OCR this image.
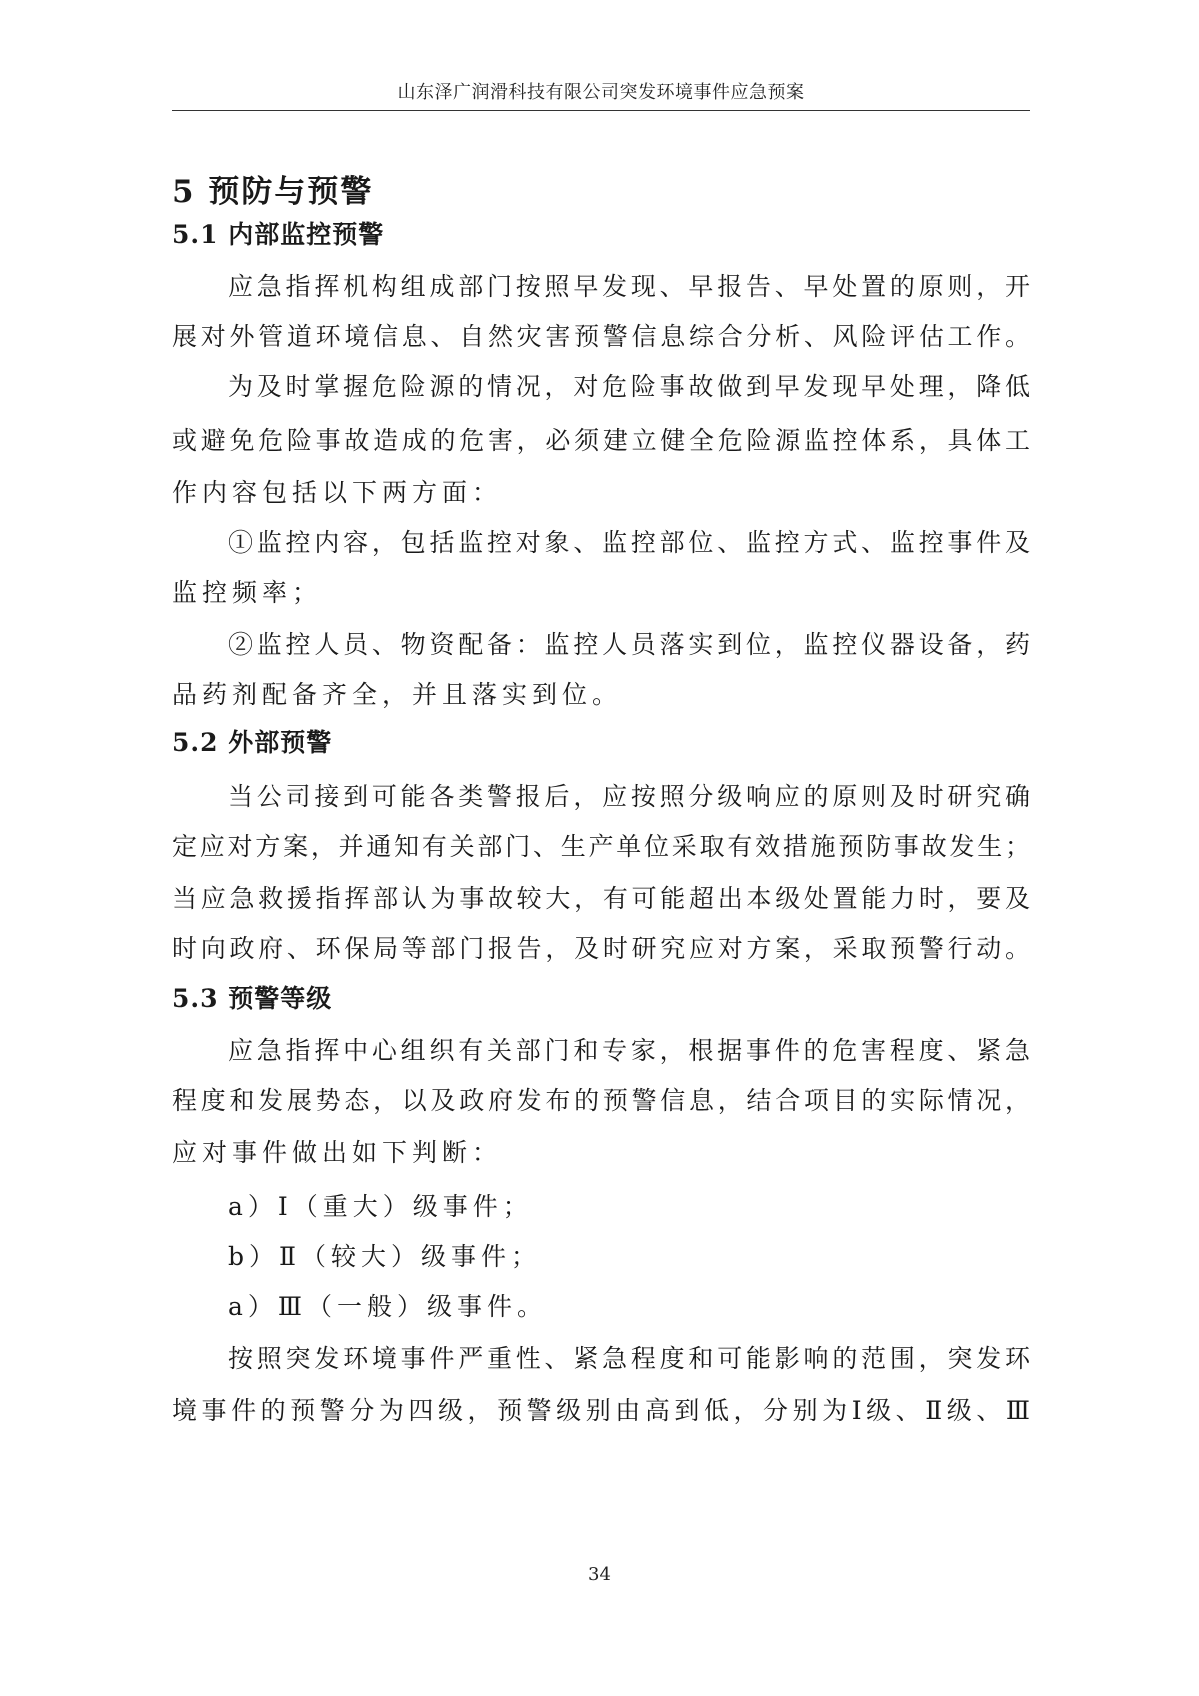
山东泽广润滑科技有限公司突发环境事件应急预案
5 预防与预警
5.1 内部监控预警
应急指挥机构组成部门按照早发现、早报告、早处置的原则，开
展对外管道环境信息、自然灾害预警信息综合分析、风险评估工作。
为及时掌握危险源的情况，对危险事故做到早发现早处理，降低
或避免危险事故造成的危害，必须建立健全危险源监控体系，具体工
作内容包括以下两方面：
①监控内容，包括监控对象、监控部位、监控方式、监控事件及
监控频率；
②监控人员、物资配备：监控人员落实到位，监控仪器设备，药
品药剂配备齐全，并且落实到位。
5.2 外部预警
当公司接到可能各类警报后，应按照分级响应的原则及时研究确
定应对方案，并通知有关部门、生产单位采取有效措施预防事故发生；
当应急救援指挥部认为事故较大，有可能超出本级处置能力时，要及
时向政府、环保局等部门报告，及时研究应对方案，采取预警行动。
5.3 预警等级
应急指挥中心组织有关部门和专家，根据事件的危害程度、紧急
程度和发展势态，以及政府发布的预警信息，结合项目的实际情况，
应对事件做出如下判断：
a）Ⅰ（重大）级事件；
b）Ⅱ（较大）级事件；
a）Ⅲ（一般）级事件。
按照突发环境事件严重性、紧急程度和可能影响的范围，突发环
境事件的预警分为四级，预警级别由高到低，分别为Ⅰ级、Ⅱ级、Ⅲ
34
